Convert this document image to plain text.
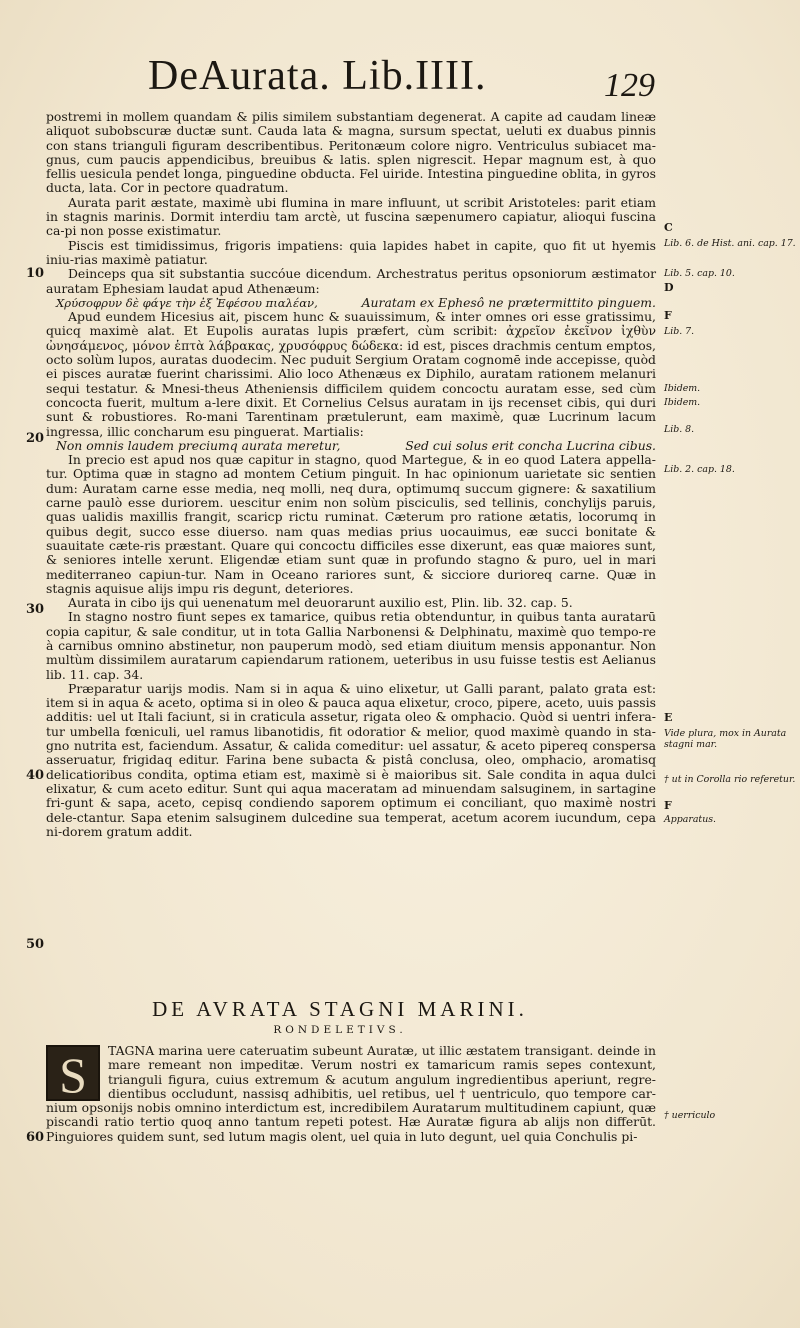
DeAurata. Lib.IIII.	129

postremi in mollem quandam & pilis similem substantiam degenerat. A capite ad caudam lineæ aliquot subobscuræ ductæ sunt. Cauda lata & magna, sursum spectat, ueluti ex duabus pinnis con stans trianguli figuram describentibus. Peritonæum colore nigro. Ventriculus subiacet ma-gnus, cum paucis appendicibus, breuibus & latis. splen nigrescit. Hepar magnum est, à quo fellis uesicula pendet longa, pinguedine obducta. Fel uiride. Intestina pinguedine oblita, in gyros ducta, lata. Cor in pectore quadratum.

Aurata parit æstate, maximè ubi flumina in mare influunt, ut scribit Aristoteles: parit etiam in stagnis marinis. Dormit interdiu tam arctè, ut fuscina sæpenumero capiatur, alioqui fuscina ca-pi non posse existimatur.

Piscis est timidissimus, frigoris impatiens: quia lapides habet in capite, quo fit ut hyemis iniu-rias maximè patiatur.

Deinceps qua sit substantia succóue dicendum. Archestratus peritus opsoniorum æstimator auratam Ephesiam laudat apud Athenæum:

Χρύσοφρυν δὲ φάγε τὴν ἐξ Ἐφέσου πιαλέαν,	Auratam ex Ephesô ne prætermittito pinguem.

Apud eundem Hicesius ait, piscem hunc & suauissimum, & inter omnes ori esse gratissimu, quicq maximè alat. Et Eupolis auratas lupis præfert, cùm scribit: ἀχρεῖον ἐκεῖνον ἰχθὺν ὠνησάμενος, μόνον ἑπτὰ λάβρακας, χρυσόφρυς δώδεκα: id est, pisces drachmis centum emptos, octo solùm lupos, auratas duodecim. Nec puduit Sergium Oratam cognomē inde accepisse, quòd ei pisces auratæ fuerint charissimi. Alio loco Athenæus ex Diphilo, auratam rationem melanuri sequi testatur. & Mnesi-theus Atheniensis difficilem quidem concoctu auratam esse, sed cùm concocta fuerit, multum a-lere dixit. Et Cornelius Celsus auratam in ijs recenset cibis, qui duri sunt & robustiores. Ro-mani Tarentinam prætulerunt, eam maximè, quæ Lucrinum lacum ingressa, illic concharum esu pinguerat. Martialis:

Non omnis laudem preciumq aurata meretur,	Sed cui solus erit concha Lucrina cibus.

In precio est apud nos quæ capitur in stagno, quod Martegue, & in eo quod Latera appella-tur. Optima quæ in stagno ad montem Cetium pinguit. In hac opinionum uarietate sic sentien dum: Auratam carne esse media, neq molli, neq dura, optimumq succum gignere: & saxatilium carne paulò esse duriorem. uescitur enim non solùm pisciculis, sed tellinis, conchylijs paruis, quas ualidis maxillis frangit, scaricp rictu ruminat. Cæterum pro ratione ætatis, locorumq in quibus degit, succo esse diuerso. nam quas medias prius uocauimus, eæ succi bonitate & suauitate cæte-ris præstant. Quare qui concoctu difficiles esse dixerunt, eas quæ maiores sunt, & seniores intelle xerunt. Eligendæ etiam sunt quæ in profundo stagno & puro, uel in mari mediterraneo capiun-tur. Nam in Oceano rariores sunt, & sicciore durioreq carne. Quæ in stagnis aquisue alijs impu ris degunt, deteriores.

Aurata in cibo ijs qui uenenatum mel deuorarunt auxilio est, Plin. lib. 32. cap. 5.

In stagno nostro fiunt sepes ex tamarice, quibus retia obtenduntur, in quibus tanta auratarū copia capitur, & sale conditur, ut in tota Gallia Narbonensi & Delphinatu, maximè quo tempo-re à carnibus omnino abstinetur, non pauperum modò, sed etiam diuitum mensis apponantur. Non multùm dissimilem auratarum capiendarum rationem, ueteribus in usu fuisse testis est Aelianus lib. 11. cap. 34.

Præparatur uarijs modis. Nam si in aqua & uino elixetur, ut Galli parant, palato grata est: item si in aqua & aceto, optima si in oleo & pauca aqua elixetur, croco, pipere, aceto, uuis passis additis: uel ut Itali faciunt, si in craticula assetur, rigata oleo & omphacio. Quòd si uentri infera-tur umbella fœniculi, uel ramus libanotidis, fit odoratior & melior, quod maximè quando in sta-gno nutrita est, faciendum. Assatur, & calida comeditur: uel assatur, & aceto pipereq conspersa asseruatur, frigidaq editur. Farina bene subacta & pistâ conclusa, oleo, omphacio, aromatisq delicatioribus condita, optima etiam est, maximè si è maioribus sit. Sale condita in aqua dulci elixatur, & cum aceto editur. Sunt qui aqua maceratam ad minuendam salsuginem, in sartagine fri-gunt & sapa, aceto, cepisq condiendo saporem optimum ei conciliant, quo maximè nostri dele-ctantur. Sapa etenim salsuginem dulcedine sua temperat, acetum acorem iucundum, cepa ni-dorem gratum addit.

10
20
30
40
50
60
C
Lib. 6. de Hist. ani. cap. 17.
Lib. 5. cap. 10.
D
F
Lib. 7.
Ibidem.
Ibidem.
Lib. 8.
Lib. 2. cap. 18.
E
Vide plura, mox in Aurata stagni mar.
† ut in Corolla rio referetur.
F
Apparatus.
† uerriculo
DE AVRATA STAGNI MARINI.
RONDELETIVS.
S	TAGNA marina uere cateruatim subeunt Auratæ, ut illic æstatem transigant. deinde in mare remeant non impeditæ. Verum nostri ex tamaricum ramis sepes contexunt, trianguli figura, cuius extremum & acutum angulum ingredientibus aperiunt, regre-dientibus occludunt, nassisq adhibitis, uel retibus, uel † uentriculo, quo tempore car-nium opsonijs nobis omnino interdictum est, incredibilem Auratarum multitudinem capiunt, quæ piscandi ratio tertio quoq anno tantum repeti potest. Hæ Auratæ figura ab alijs non differūt. Pinguiores quidem sunt, sed lutum magis olent, uel quia in luto degunt, uel quia Conchulis pi-
